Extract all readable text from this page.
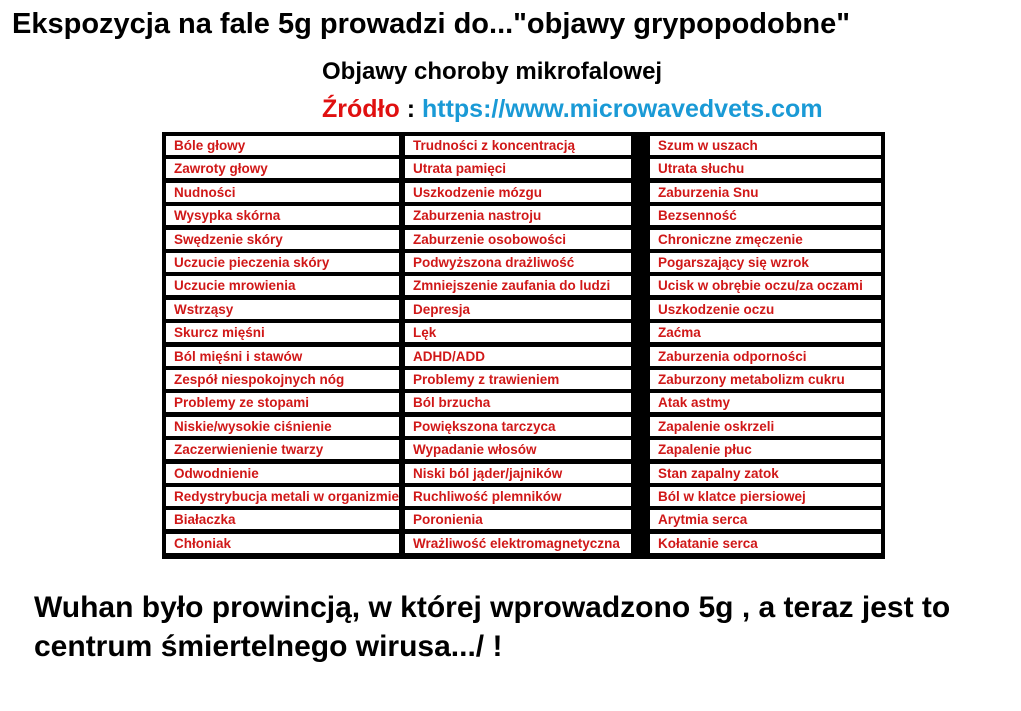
Ekspozycja na fale 5g prowadzi do..."objawy grypopodobne"
Objawy choroby mikrofalowej
Źródło : https://www.microwavedvets.com
Bóle głowy
Zawroty głowy
Nudności
Wysypka skórna
Swędzenie skóry
Uczucie pieczenia skóry
Uczucie mrowienia
Wstrząsy
Skurcz mięśni
Ból mięśni i stawów
Zespół niespokojnych nóg
Problemy ze stopami
Niskie/wysokie ciśnienie
Zaczerwienienie twarzy
Odwodnienie
Redystrybucja metali w organizmie
Białaczka
Chłoniak
Trudności z koncentracją
Utrata pamięci
Uszkodzenie mózgu
Zaburzenia nastroju
Zaburzenie osobowości
Podwyższona drażliwość
Zmniejszenie zaufania do ludzi
Depresja
Lęk
ADHD/ADD
Problemy z trawieniem
Ból brzucha
Powiększona tarczyca
Wypadanie włosów
Niski ból jąder/jajników
Ruchliwość plemników
Poronienia
Wrażliwość elektromagnetyczna
Szum w uszach
Utrata słuchu
Zaburzenia Snu
Bezsenność
Chroniczne zmęczenie
Pogarszający się wzrok
Ucisk w obrębie oczu/za oczami
Uszkodzenie oczu
Zaćma
Zaburzenia odporności
Zaburzony metabolizm cukru
Atak astmy
Zapalenie oskrzeli
Zapalenie płuc
Stan zapalny zatok
Ból w klatce piersiowej
Arytmia serca
Kołatanie serca
Wuhan było prowincją, w której wprowadzono 5g , a teraz jest to centrum śmiertelnego wirusa.../ !
